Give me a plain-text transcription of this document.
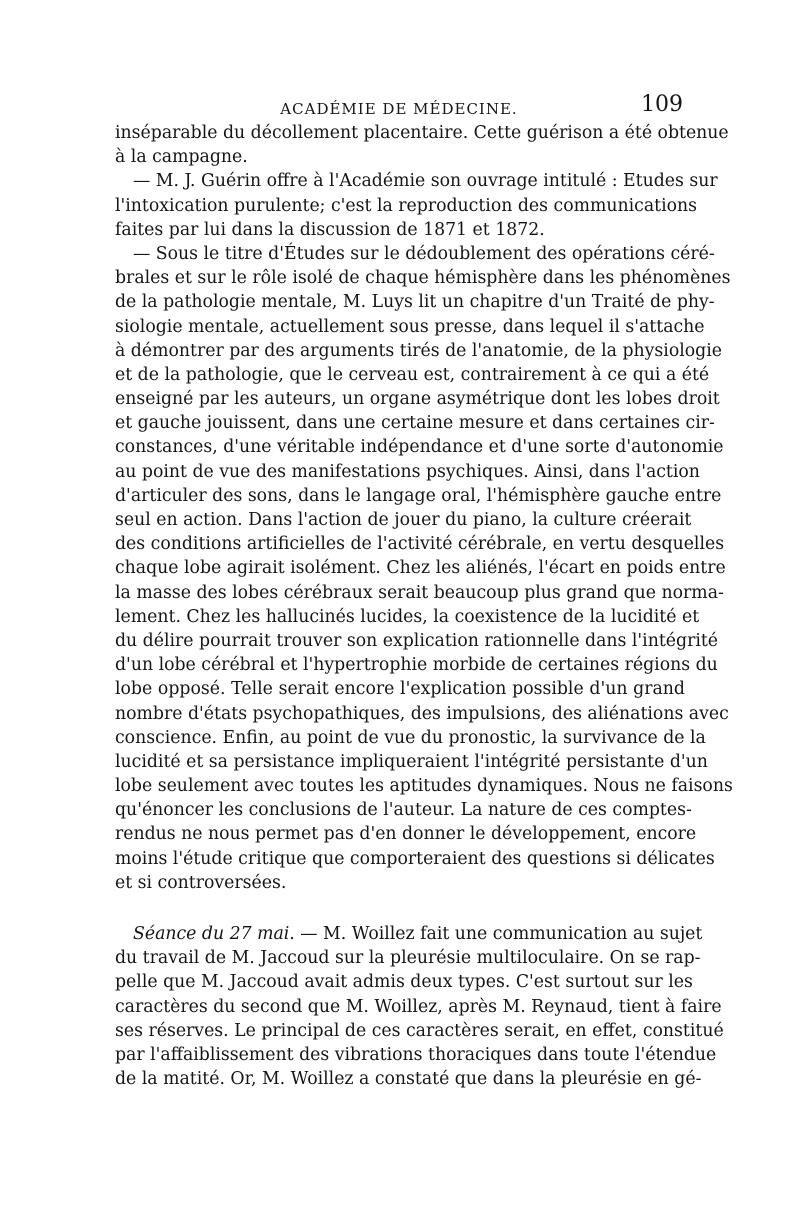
ACADÉMIE DE MÉDECINE.	109
inséparable du décollement placentaire. Cette guérison a été obtenue
à la campagne.
— M. J. Guérin offre à l'Académie son ouvrage intitulé : Etudes sur
l'intoxication purulente; c'est la reproduction des communications
faites par lui dans la discussion de 1871 et 1872.
— Sous le titre d'Études sur le dédoublement des opérations céré-
brales et sur le rôle isolé de chaque hémisphère dans les phénomènes
de la pathologie mentale, M. Luys lit un chapitre d'un Traité de phy-
siologie mentale, actuellement sous presse, dans lequel il s'attache
à démontrer par des arguments tirés de l'anatomie, de la physiologie
et de la pathologie, que le cerveau est, contrairement à ce qui a été
enseigné par les auteurs, un organe asymétrique dont les lobes droit
et gauche jouissent, dans une certaine mesure et dans certaines cir-
constances, d'une véritable indépendance et d'une sorte d'autonomie
au point de vue des manifestations psychiques. Ainsi, dans l'action
d'articuler des sons, dans le langage oral, l'hémisphère gauche entre
seul en action. Dans l'action de jouer du piano, la culture créerait
des conditions artificielles de l'activité cérébrale, en vertu desquelles
chaque lobe agirait isolément. Chez les aliénés, l'écart en poids entre
la masse des lobes cérébraux serait beaucoup plus grand que norma-
lement. Chez les hallucinés lucides, la coexistence de la lucidité et
du délire pourrait trouver son explication rationnelle dans l'intégrité
d'un lobe cérébral et l'hypertrophie morbide de certaines régions du
lobe opposé. Telle serait encore l'explication possible d'un grand
nombre d'états psychopathiques, des impulsions, des aliénations avec
conscience. Enfin, au point de vue du pronostic, la survivance de la
lucidité et sa persistance impliqueraient l'intégrité persistante d'un
lobe seulement avec toutes les aptitudes dynamiques. Nous ne faisons
qu'énoncer les conclusions de l'auteur. La nature de ces comptes-
rendus ne nous permet pas d'en donner le développement, encore
moins l'étude critique que comporteraient des questions si délicates
et si controversées.
Séance du 27 mai. — M. Woillez fait une communication au sujet
du travail de M. Jaccoud sur la pleurésie multiloculaire. On se rap-
pelle que M. Jaccoud avait admis deux types. C'est surtout sur les
caractères du second que M. Woillez, après M. Reynaud, tient à faire
ses réserves. Le principal de ces caractères serait, en effet, constitué
par l'affaiblissement des vibrations thoraciques dans toute l'étendue
de la matité. Or, M. Woillez a constaté que dans la pleurésie en gé-
